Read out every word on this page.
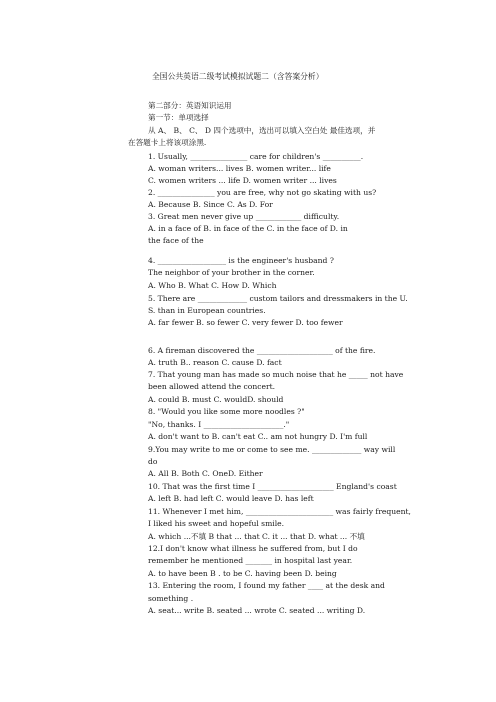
全国公共英语二级考试模拟试题二（含答案分析）
第二部分：英语知识运用
第一节：单项选择
从 A、 B、 C、 D 四个选项中，选出可以填入空白处 最佳选项，并
在答题卡上将该项涂黑.
1. Usually, _______________ care for children's __________.
A. woman writers... lives B. women writer... life
C. women writers ... life D. women writer ... lives
2. _______________ you are free, why not go skating with us?
A. Because B. Since C. As D. For
3. Great men never give up ____________ difficulty.
A. in a face of B. in face of the C. in the face of D. in
the face of the
4. __________________ is the engineer's husband ?
The neighbor of your brother in the corner.
A. Who B. What C. How D. Which
5. There are _____________ custom tailors and dressmakers in the U.
S. than in European countries.
A. far fewer B. so fewer C. very fewer D. too fewer
6. A fireman discovered the ____________________ of the fire.
A. truth B.. reason C. cause D. fact
7. That young man has made so much noise that he _____ not have
been allowed attend the concert.
A. could B. must C. wouldD. should
8. "Would you like some more noodles ?"
"No, thanks. I _____________________."
A. don't want to B. can't eat C.. am not hungry D. I'm full
9.You may write to me or come to see me. _____________ way will
do
A. All B. Both C. OneD. Either
10. That was the first time I ____________________ England's coast
A. left B. had left C. would leave D. has left
11. Whenever I met him, _______________________ was fairly frequent,
I liked his sweet and hopeful smile.
A. which ...不填 B that ... that C. it ... that D. what ... 不填
12.I don't know what illness he suffered from, but I do
remember he mentioned _______ in hospital last year.
A. to have been B . to be C. having been D. being
13. Entering the room, I found my father ____ at the desk and
something .
A. seat... write B. seated ... wrote C. seated ... writing D.
